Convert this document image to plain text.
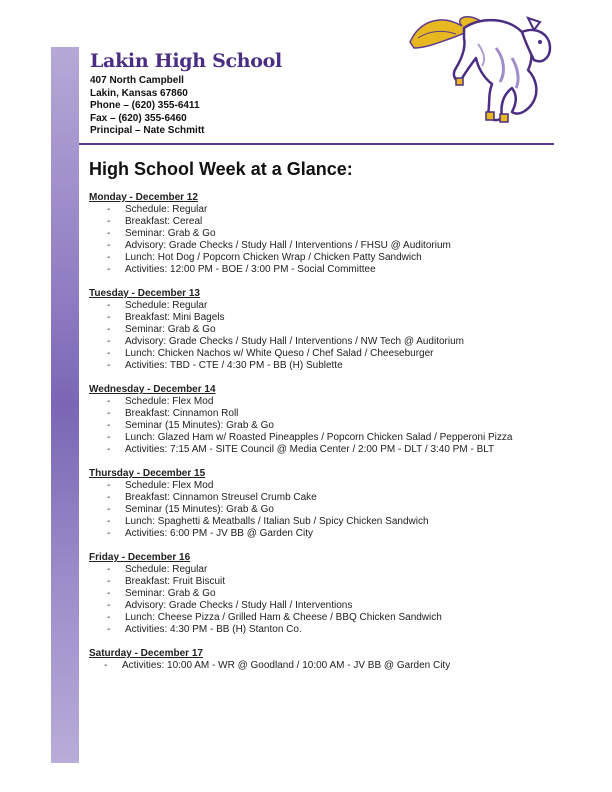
Lakin High School
407 North Campbell
Lakin, Kansas 67860
Phone – (620) 355-6411
Fax – (620) 355-6460
Principal – Nate Schmitt
High School Week at a Glance:
Monday - December 12
- Schedule: Regular
- Breakfast: Cereal
- Seminar: Grab & Go
- Advisory: Grade Checks / Study Hall / Interventions / FHSU @ Auditorium
- Lunch: Hot Dog / Popcorn Chicken Wrap / Chicken Patty Sandwich
- Activities: 12:00 PM - BOE / 3:00 PM - Social Committee
Tuesday - December 13
- Schedule: Regular
- Breakfast: Mini Bagels
- Seminar: Grab & Go
- Advisory: Grade Checks / Study Hall / Interventions / NW Tech @ Auditorium
- Lunch: Chicken Nachos w/ White Queso / Chef Salad / Cheeseburger
- Activities: TBD - CTE / 4:30 PM - BB (H) Sublette
Wednesday - December 14
- Schedule: Flex Mod
- Breakfast: Cinnamon Roll
- Seminar (15 Minutes): Grab & Go
- Lunch: Glazed Ham w/ Roasted Pineapples / Popcorn Chicken Salad / Pepperoni Pizza
- Activities: 7:15 AM - SITE Council @ Media Center / 2:00 PM - DLT / 3:40 PM - BLT
Thursday - December 15
- Schedule: Flex Mod
- Breakfast: Cinnamon Streusel Crumb Cake
- Seminar (15 Minutes): Grab & Go
- Lunch: Spaghetti & Meatballs / Italian Sub / Spicy Chicken Sandwich
- Activities: 6:00 PM - JV BB @ Garden City
Friday - December 16
- Schedule: Regular
- Breakfast: Fruit Biscuit
- Seminar: Grab & Go
- Advisory: Grade Checks / Study Hall / Interventions
- Lunch: Cheese Pizza / Grilled Ham & Cheese / BBQ Chicken Sandwich
- Activities: 4:30 PM - BB (H) Stanton Co.
Saturday - December 17
- Activities: 10:00 AM - WR @ Goodland / 10:00 AM - JV BB @ Garden City
